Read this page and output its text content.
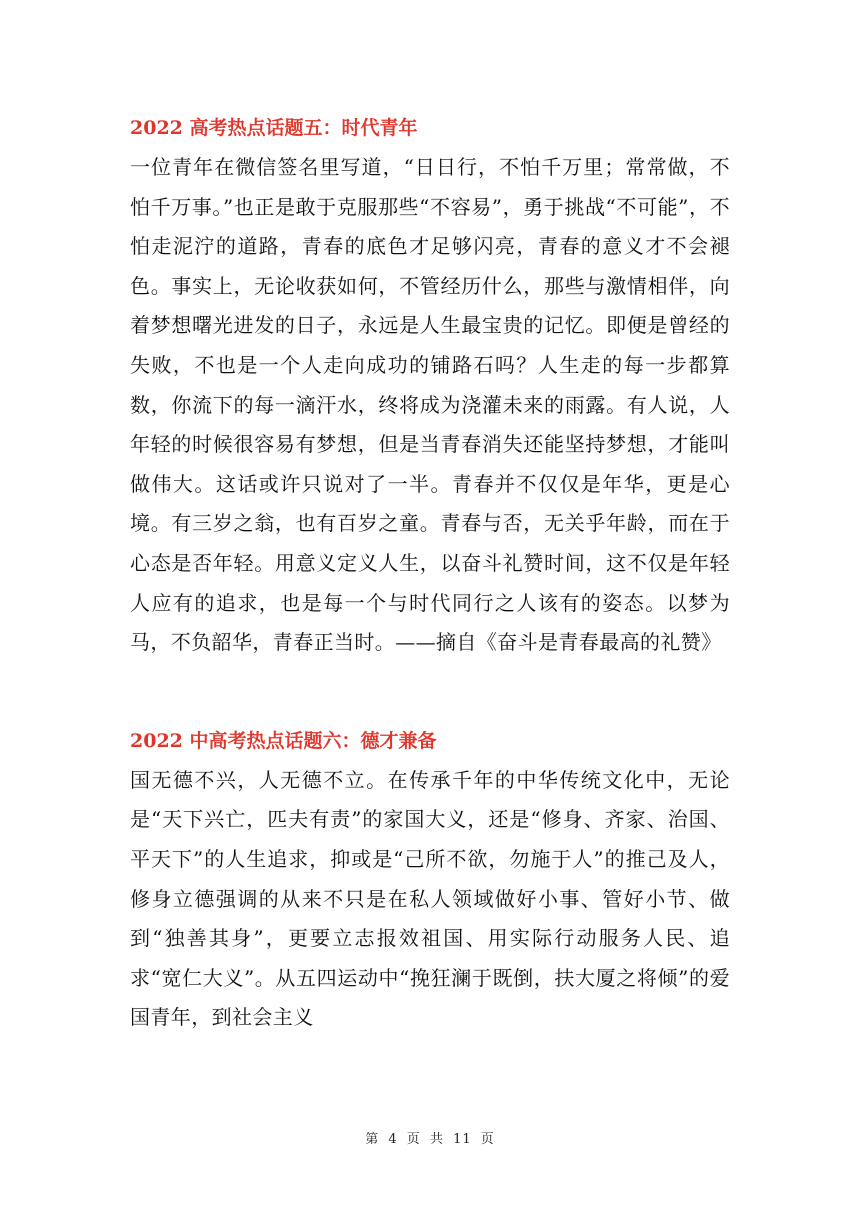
2022 高考热点话题五：时代青年

一位青年在微信签名里写道，“日日行，不怕千万里；常常做，不怕千万事。”也正是敢于克服那些“不容易”，勇于挑战“不可能”，不怕走泥泞的道路，青春的底色才足够闪亮，青春的意义才不会褪色。事实上，无论收获如何，不管经历什么，那些与激情相伴，向着梦想曙光进发的日子，永远是人生最宝贵的记忆。即便是曾经的失败，不也是一个人走向成功的铺路石吗？人生走的每一步都算数，你流下的每一滴汗水，终将成为浇灌未来的雨露。有人说，人年轻的时候很容易有梦想，但是当青春消失还能坚持梦想，才能叫做伟大。这话或许只说对了一半。青春并不仅仅是年华，更是心境。有三岁之翁，也有百岁之童。青春与否，无关乎年龄，而在于心态是否年轻。用意义定义人生，以奋斗礼赞时间，这不仅是年轻人应有的追求，也是每一个与时代同行之人该有的姿态。以梦为马，不负韶华，青春正当时。——摘自《奋斗是青春最高的礼赞》

2022 中高考热点话题六：德才兼备

国无德不兴，人无德不立。在传承千年的中华传统文化中，无论是“天下兴亡，匹夫有责”的家国大义，还是“修身、齐家、治国、平天下”的人生追求，抑或是“己所不欲，勿施于人”的推己及人，修身立德强调的从来不只是在私人领域做好小事、管好小节、做到“独善其身”，更要立志报效祖国、用实际行动服务人民、追求“宽仁大义”。从五四运动中“挽狂澜于既倒，扶大厦之将倾”的爱国青年，到社会主义

第 4 页 共 11 页
